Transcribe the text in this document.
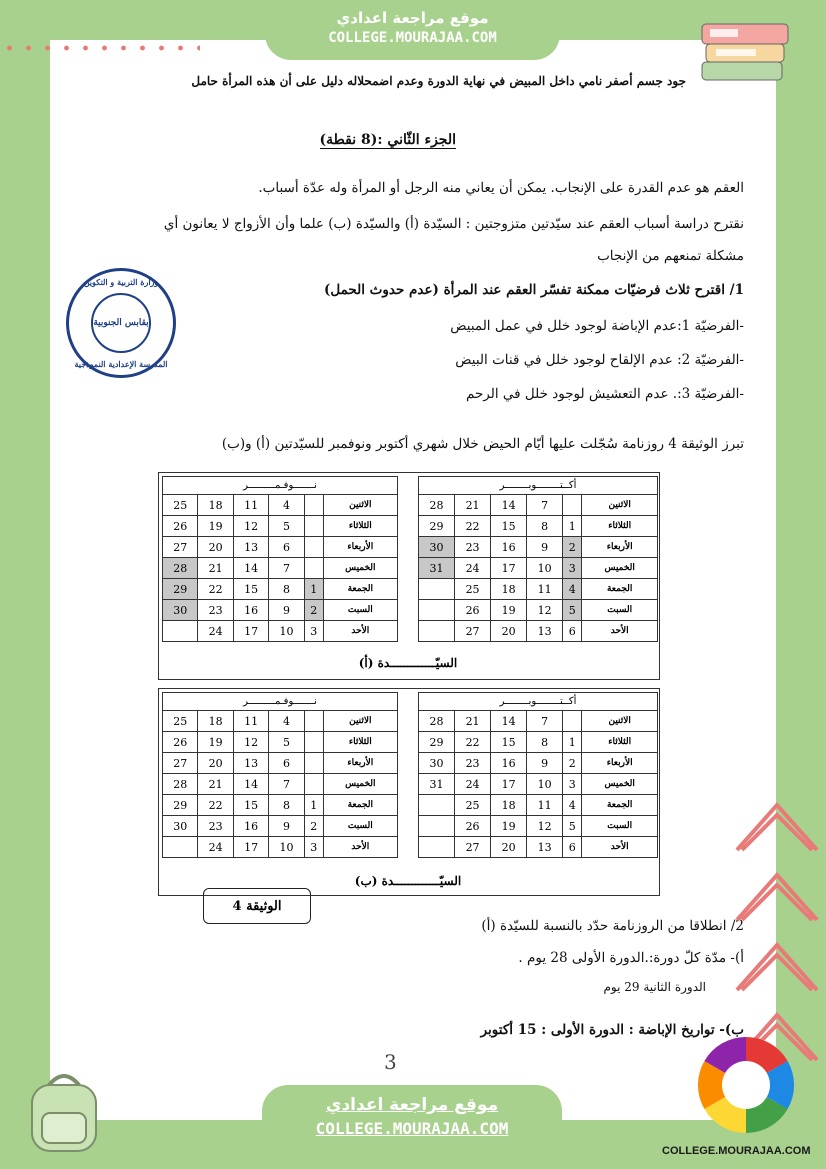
موقع مراجعة اعدادي
COLLEGE.MOURAJAA.COM
جود جسم أصفر نامي داخل المبيض في نهاية الدورة وعدم اضمحلاله دليل على أن هذه المرأة حامل
الجزء الثّاني :(8 نقطة)
العقم هو عدم القدرة على الإنجاب. يمكن أن يعاني منه الرجل أو المرأة وله عدّة أسباب.
نقترح دراسة أسباب العقم عند سيّدتين متزوجتين : السيّدة (أ) والسيّدة (ب) علما وأن الأزواج لا يعانون أي
مشكلة تمنعهم من الإنجاب
1/ اقترح ثلاث فرضيّات ممكنة تفسّر العقم عند المرأة (عدم حدوث الحمل)
-الفرضيّة 1:عدم الإباضة لوجود خلل في عمل المبيض
-الفرضيّة 2: عدم الإلقاح لوجود خلل في قنات البيض
-الفرضيّة 3:. عدم التعشيش لوجود خلل في الرحم
تبرز الوثيقة 4 روزنامة سُجّلت عليها أيّام الحيض خلال شهري أكتوبر ونوفمبر للسيّدتين (أ) و(ب)
وزارة التربية و التكوين
بقابس الجنوبية
المدرسة الإعدادية النموذجية
نـــــــوفـمـــــــــر					
25	18	11	4		الاثنين
26	19	12	5		الثلاثاء
27	20	13	6		الأربعاء
28	21	14	7		الخميس
29	22	15	8	1	الجمعة
30	23	16	9	2	السبت
	24	17	10	3	الأحد
أكــتــــــــوبــــــــر					
28	21	14	7		الاثنين
29	22	15	8	1	الثلاثاء
30	23	16	9	2	الأربعاء
31	24	17	10	3	الخميس
	25	18	11	4	الجمعة
	26	19	12	5	السبت
	27	20	13	6	الأحد
السيّـــــــــــــدة (أ)
نـــــــوفـمـــــــــر					
25	18	11	4		الاثنين
26	19	12	5		الثلاثاء
27	20	13	6		الأربعاء
28	21	14	7		الخميس
29	22	15	8	1	الجمعة
30	23	16	9	2	السبت
	24	17	10	3	الأحد
أكــتــــــــوبــــــــر					
28	21	14	7		الاثنين
29	22	15	8	1	الثلاثاء
30	23	16	9	2	الأربعاء
31	24	17	10	3	الخميس
	25	18	11	4	الجمعة
	26	19	12	5	السبت
	27	20	13	6	الأحد
السيّـــــــــــــدة (ب)
الوثيقة 4
2/ انطلاقا من الروزنامة حدّد بالنسبة للسيّدة (أ)
أ)- مدّة كلّ دورة:.الدورة الأولى 28 يوم .
الدورة الثانية 29 يوم
ب)- تواريخ الإباضة : الدورة الأولى : 15 أكتوبر
3
موقع مراجعة اعدادي
COLLEGE.MOURAJAA.COM
COLLEGE.MOURAJAA.COM
